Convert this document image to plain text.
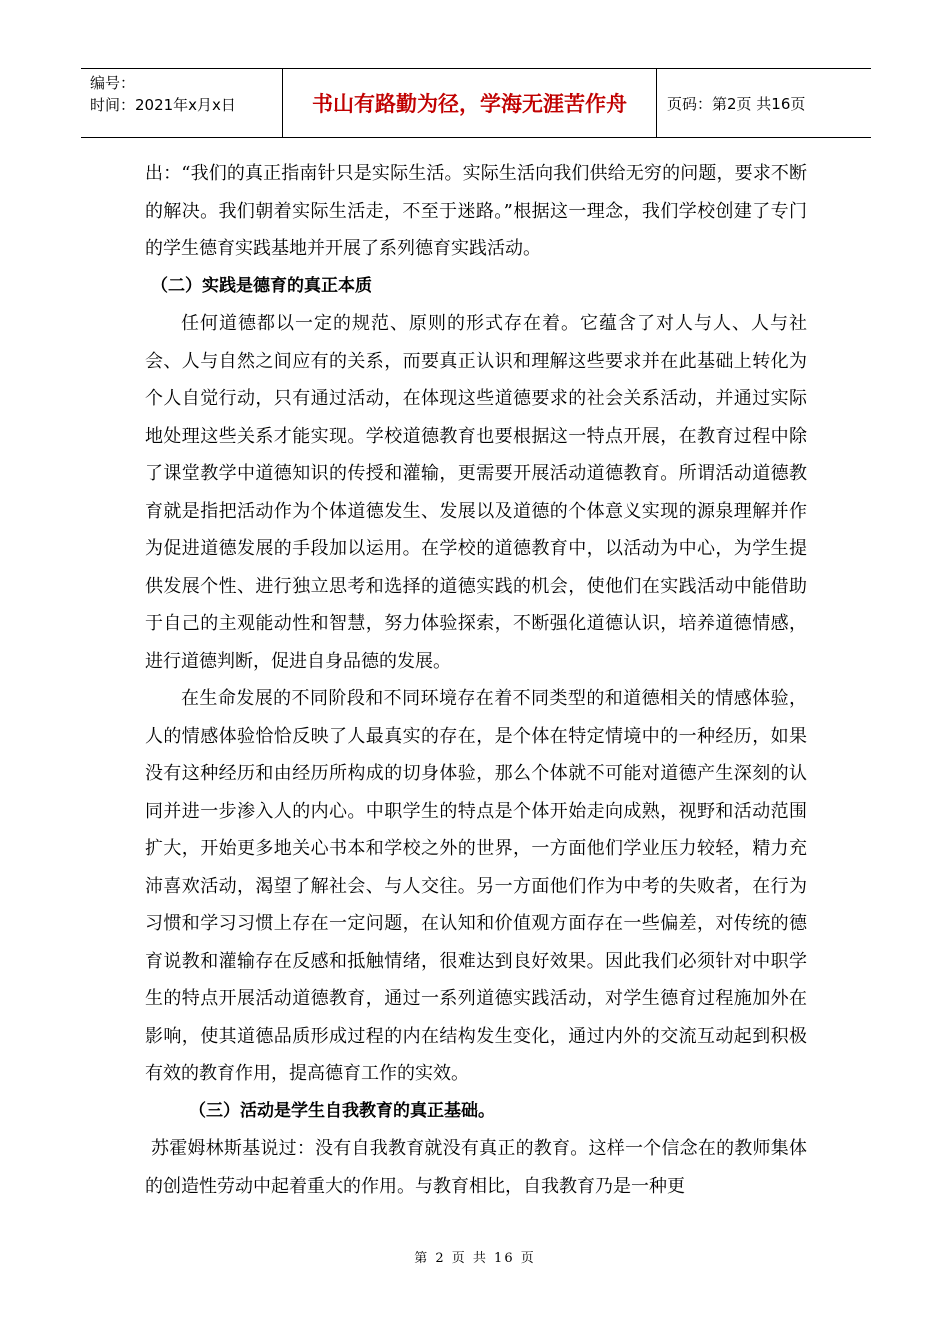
编号：
时间：2021年x月x日	书山有路勤为径，学海无涯苦作舟	页码：第2页 共16页

出：“我们的真正指南针只是实际生活。实际生活向我们供给无穷的问题，要求不断的解决。我们朝着实际生活走，不至于迷路。”根据这一理念，我们学校创建了专门的学生德育实践基地并开展了系列德育实践活动。

（二）实践是德育的真正本质

任何道德都以一定的规范、原则的形式存在着。它蕴含了对人与人、人与社会、人与自然之间应有的关系，而要真正认识和理解这些要求并在此基础上转化为个人自觉行动，只有通过活动，在体现这些道德要求的社会关系活动，并通过实际地处理这些关系才能实现。学校道德教育也要根据这一特点开展，在教育过程中除了课堂教学中道德知识的传授和灌输，更需要开展活动道德教育。所谓活动道德教育就是指把活动作为个体道德发生、发展以及道德的个体意义实现的源泉理解并作为促进道德发展的手段加以运用。在学校的道德教育中，以活动为中心，为学生提供发展个性、进行独立思考和选择的道德实践的机会，使他们在实践活动中能借助于自己的主观能动性和智慧，努力体验探索，不断强化道德认识，培养道德情感，进行道德判断，促进自身品德的发展。

在生命发展的不同阶段和不同环境存在着不同类型的和道德相关的情感体验，人的情感体验恰恰反映了人最真实的存在，是个体在特定情境中的一种经历，如果没有这种经历和由经历所构成的切身体验，那么个体就不可能对道德产生深刻的认同并进一步渗入人的内心。中职学生的特点是个体开始走向成熟，视野和活动范围扩大，开始更多地关心书本和学校之外的世界，一方面他们学业压力较轻，精力充沛喜欢活动，渴望了解社会、与人交往。另一方面他们作为中考的失败者，在行为习惯和学习习惯上存在一定问题，在认知和价值观方面存在一些偏差，对传统的德育说教和灌输存在反感和抵触情绪，很难达到良好效果。因此我们必须针对中职学生的特点开展活动道德教育，通过一系列道德实践活动，对学生德育过程施加外在影响，使其道德品质形成过程的内在结构发生变化，通过内外的交流互动起到积极有效的教育作用，提高德育工作的实效。

（三）活动是学生自我教育的真正基础。

苏霍姆林斯基说过：没有自我教育就没有真正的教育。这样一个信念在的教师集体的创造性劳动中起着重大的作用。与教育相比，自我教育乃是一种更

第 2 页 共 16 页
